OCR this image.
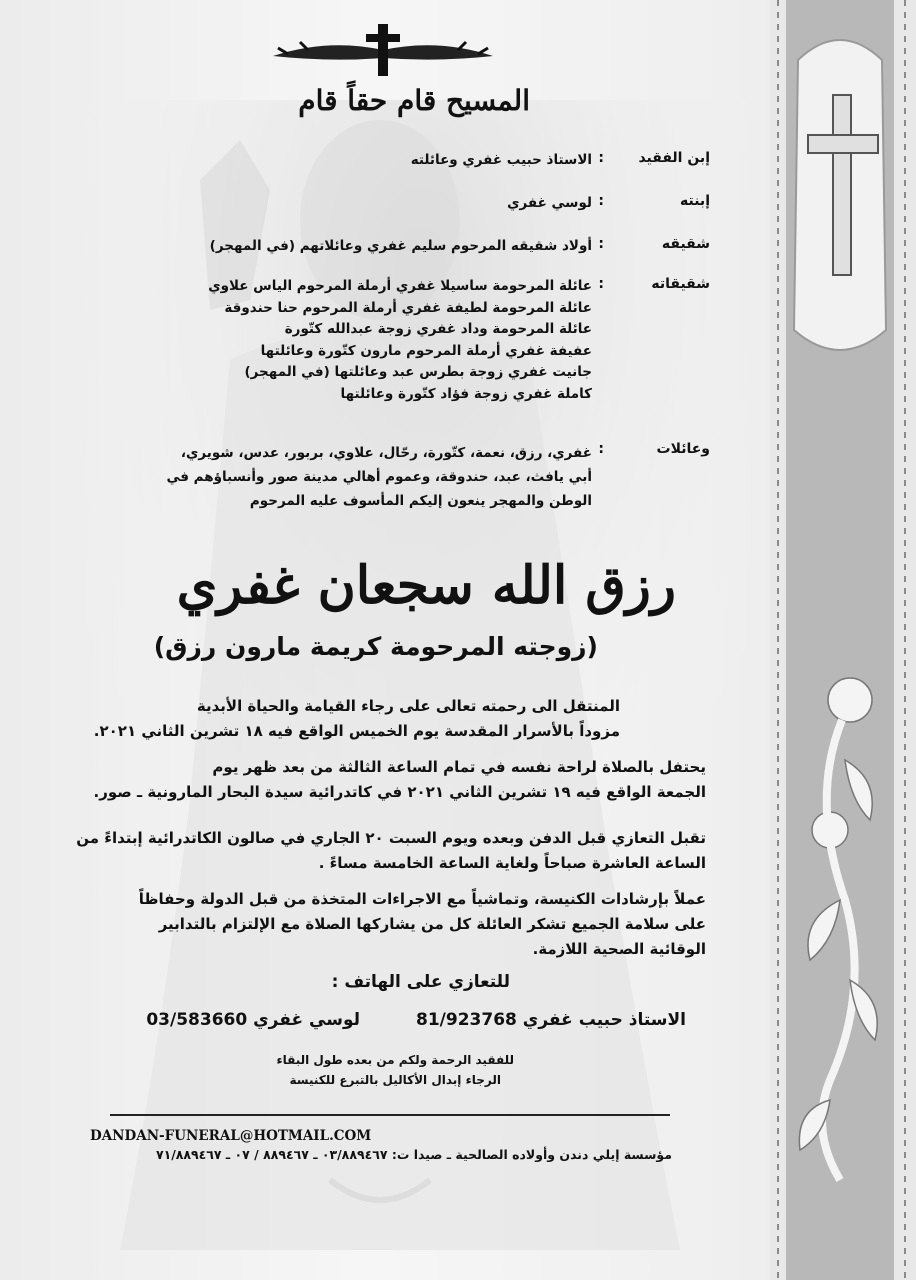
المسيح قام حقاً قام
إبن الفقيد
إبنته
شقيقه
شقيقاته
وعائلات
:
:
:
:
:
الاستاذ حبيب غفري وعائلته
لوسي غفري
أولاد شقيقه المرحوم سليم غفري وعائلاتهم (في المهجر)
عائلة المرحومة ساسيلا غفري أرملة المرحوم الياس علاوي
عائلة المرحومة لطيفة غفري أرملة المرحوم حنا حندوقة
عائلة المرحومة وداد غفري زوجة عبدالله كتّورة
عفيفة غفري أرملة المرحوم مارون كتّورة وعائلتها
جانيت غفري زوجة بطرس عبد وعائلتها (في المهجر)
كاملة غفري زوجة فؤاد كتّورة وعائلتها
غفري، رزق، نعمة، كتّورة، رحّال، علاوي، بربور، عدس، شويري،
أبي يافث، عبد، حندوقة، وعموم أهالي مدينة صور وأنسباؤهم في
الوطن والمهجر ينعون إليكم المأسوف عليه المرحوم
رزق الله سجعان غفري
(زوجته المرحومة كريمة مارون رزق)
المنتقل الى رحمته تعالى على رجاء القيامة والحياة الأبدية
مزوداً بالأسرار المقدسة يوم الخميس الواقع فيه ١٨ تشرين الثاني ٢٠٢١.
يحتفل بالصلاة لراحة نفسه في تمام الساعة الثالثة من بعد ظهر يوم
الجمعة الواقع فيه ١٩ تشرين الثاني ٢٠٢١ في كاتدرائية سيدة البحار المارونية ـ صور.
تقبل التعازي قبل الدفن وبعده ويوم السبت ٢٠ الجاري في صالون الكاتدرائية إبتداءً من
الساعة العاشرة صباحاً ولغاية الساعة الخامسة مساءً .
عملاً بإرشادات الكنيسة، وتماشياً مع الاجراءات المتخذة من قبل الدولة وحفاظاً
على سلامة الجميع تشكر العائلة كل من يشاركها الصلاة مع الإلتزام بالتدابير
الوقائية الصحية اللازمة.
للتعازي على الهاتف :
الاستاذ حبيب غفري 81/923768
لوسي غفري 03/583660
للفقيد الرحمة ولكم من بعده طول البقاء
الرجاء إبدال الأكاليل بالتبرع للكنيسة
DANDAN-FUNERAL@HOTMAIL.COM
مؤسسة إيلي دندن وأولاده الصالحية ـ صيدا ت: ٠٣/٨٨٩٤٦٧ ـ ٨٨٩٤٦٧ / ٠٧ ـ ٧١/٨٨٩٤٦٧
